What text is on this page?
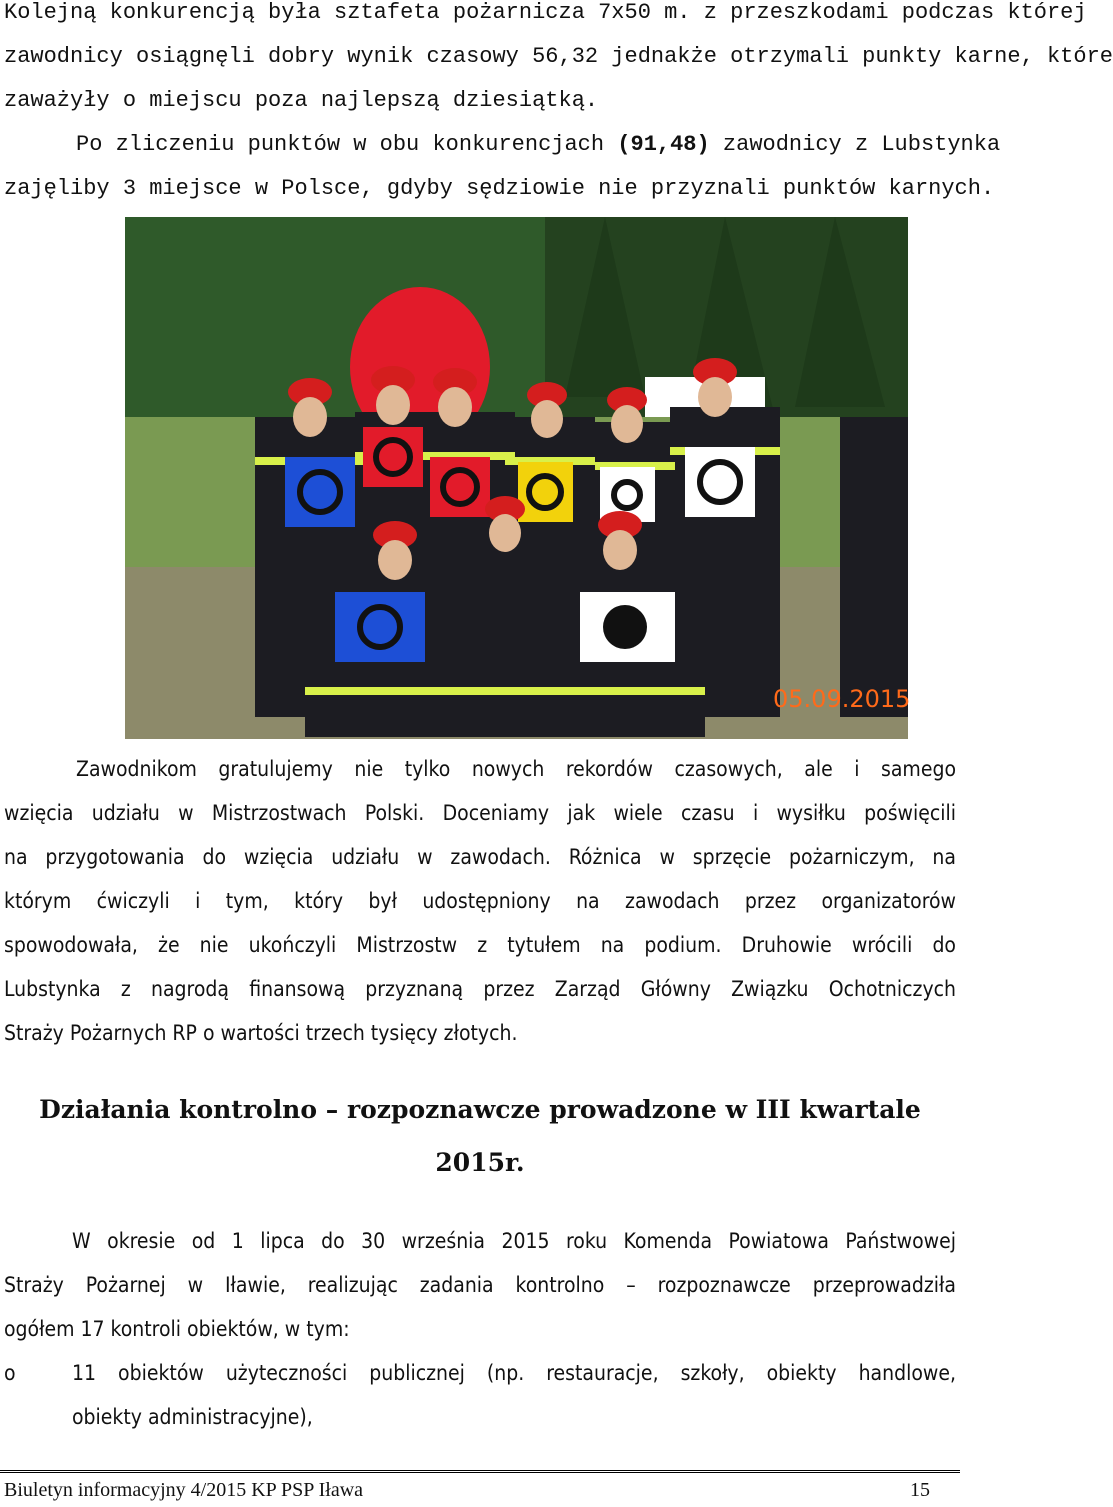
Kolejną konkurencją była sztafeta pożarnicza 7x50 m. z przeszkodami podczas której
zawodnicy osiągnęli dobry wynik czasowy 56,32 jednakże otrzymali punkty karne, które
zaważyły o miejscu poza najlepszą dziesiątką.
Po zliczeniu punktów w obu konkurencjach (91,48) zawodnicy z Lubstynka
zajęliby 3 miejsce w Polsce, gdyby sędziowie nie przyznali punktów karnych.
05.09.2015
Zawodnikom gratulujemy nie tylko nowych rekordów czasowych, ale i samego
wzięcia udziału w Mistrzostwach Polski. Doceniamy jak wiele czasu i wysiłku poświęcili
na przygotowania do wzięcia udziału w zawodach. Różnica w sprzęcie pożarniczym, na
którym ćwiczyli i tym, który był udostępniony na zawodach przez organizatorów
spowodowała, że nie ukończyli Mistrzostw z tytułem na podium. Druhowie wrócili do
Lubstynka z nagrodą finansową przyznaną przez Zarząd Główny Związku Ochotniczych
Straży Pożarnych RP o wartości trzech tysięcy złotych.
Działania kontrolno – rozpoznawcze prowadzone w III kwartale
2015r.
W okresie od 1 lipca do 30 września 2015 roku Komenda Powiatowa Państwowej
Straży Pożarnej w Iławie, realizując zadania kontrolno – rozpoznawcze przeprowadziła
ogółem 17 kontroli obiektów, w tym:
o	11 obiektów użyteczności publicznej (np. restauracje, szkoły, obiekty handlowe,
obiekty administracyjne),
Biuletyn informacyjny 4/2015 KP PSP Iława	15
